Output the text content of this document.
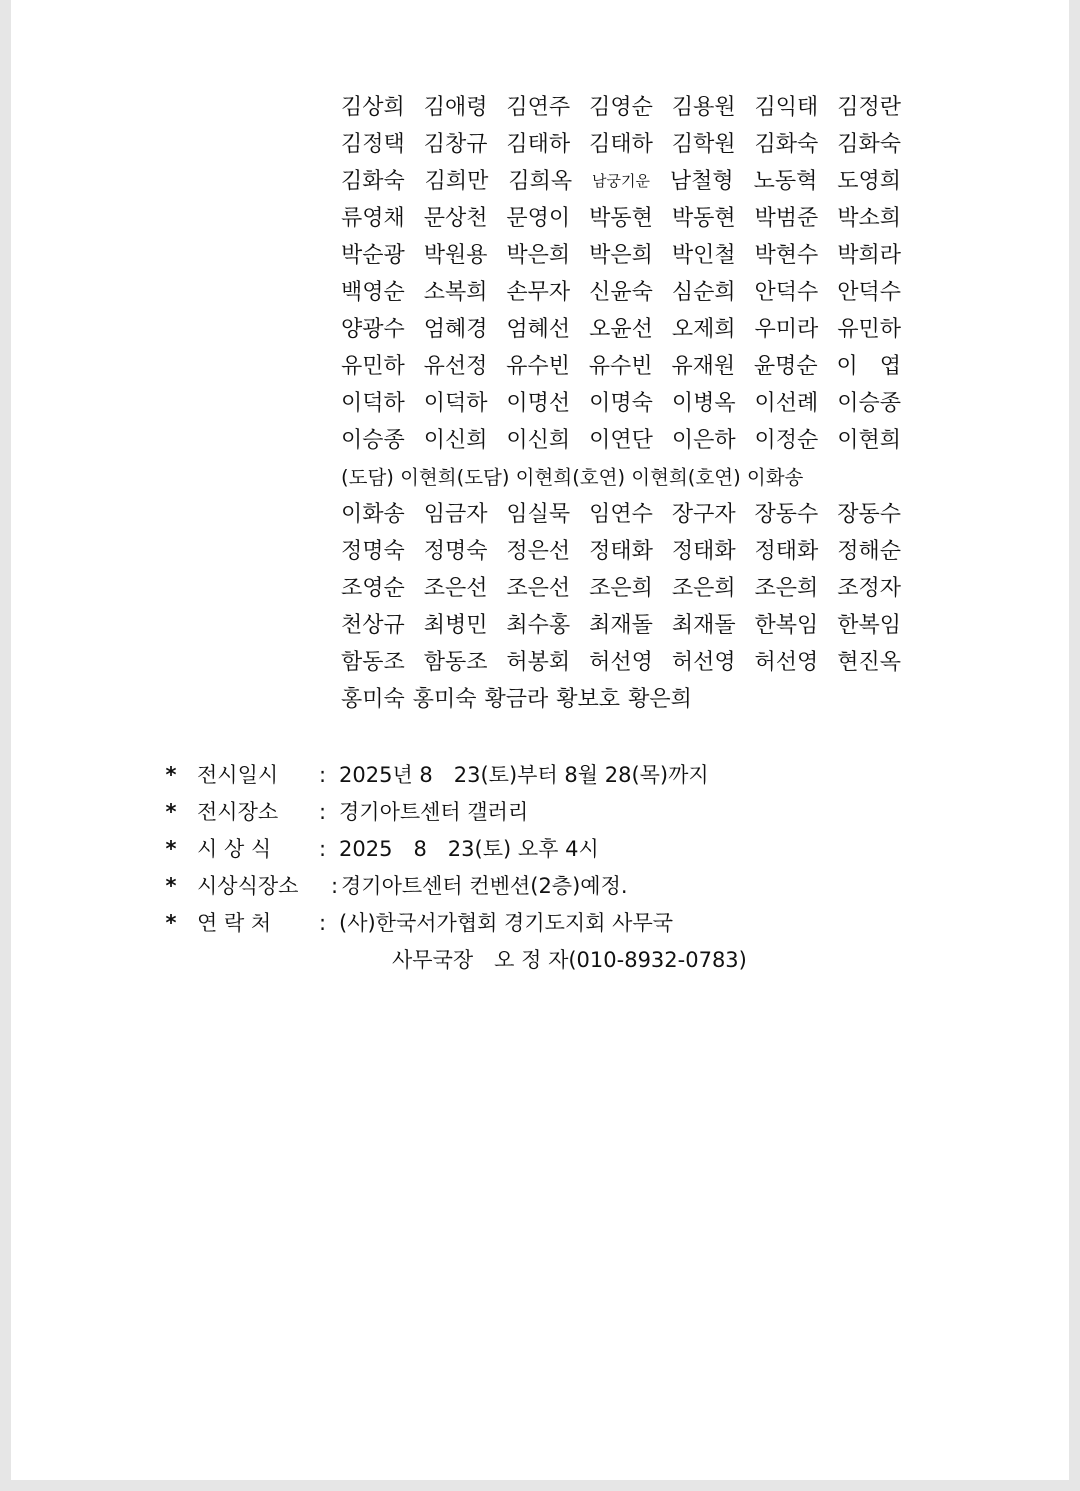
김상희 김애령 김연주 김영순 김용원 김익태 김정란
김정택 김창규 김태하 김태하 김학원 김화숙 김화숙
김화숙 김희만 김희옥 남궁기운 남철형 노동혁 도영희
류영채 문상천 문영이 박동현 박동현 박범준 박소희
박순광 박원용 박은희 박은희 박인철 박현수 박희라
백영순 소복희 손무자 신윤숙 심순희 안덕수 안덕수
양광수 엄혜경 엄혜선 오윤선 오제희 우미라 유민하
유민하 유선정 유수빈 유수빈 유재원 윤명순 이　엽
이덕하 이덕하 이명선 이명숙 이병옥 이선례 이승종
이승종 이신희 이신희 이연단 이은하 이정순 이현희
(도담) 이현희(도담) 이현희(호연) 이현희(호연) 이화송
이화송 임금자 임실묵 임연수 장구자 장동수 장동수
정명숙 정명숙 정은선 정태화 정태화 정태화 정해순
조영순 조은선 조은선 조은희 조은희 조은희 조정자
천상규 최병민 최수홍 최재돌 최재돌 한복임 한복임
함동조 함동조 허봉회 허선영 허선영 허선영 현진옥
홍미숙 홍미숙 황금라 황보호 황은희
* 전시일시 : 2025년 8　23(토)부터 8월 28(목)까지
* 전시장소 : 경기아트센터 갤러리
* 시 상 식 : 2025　8　23(토) 오후 4시
* 시상식장소 : 경기아트센터 컨벤션(2층)예정.
* 연 락 처 : (사)한국서가협회 경기도지회 사무국
사무국장　오 정 자(010-8932-0783)
